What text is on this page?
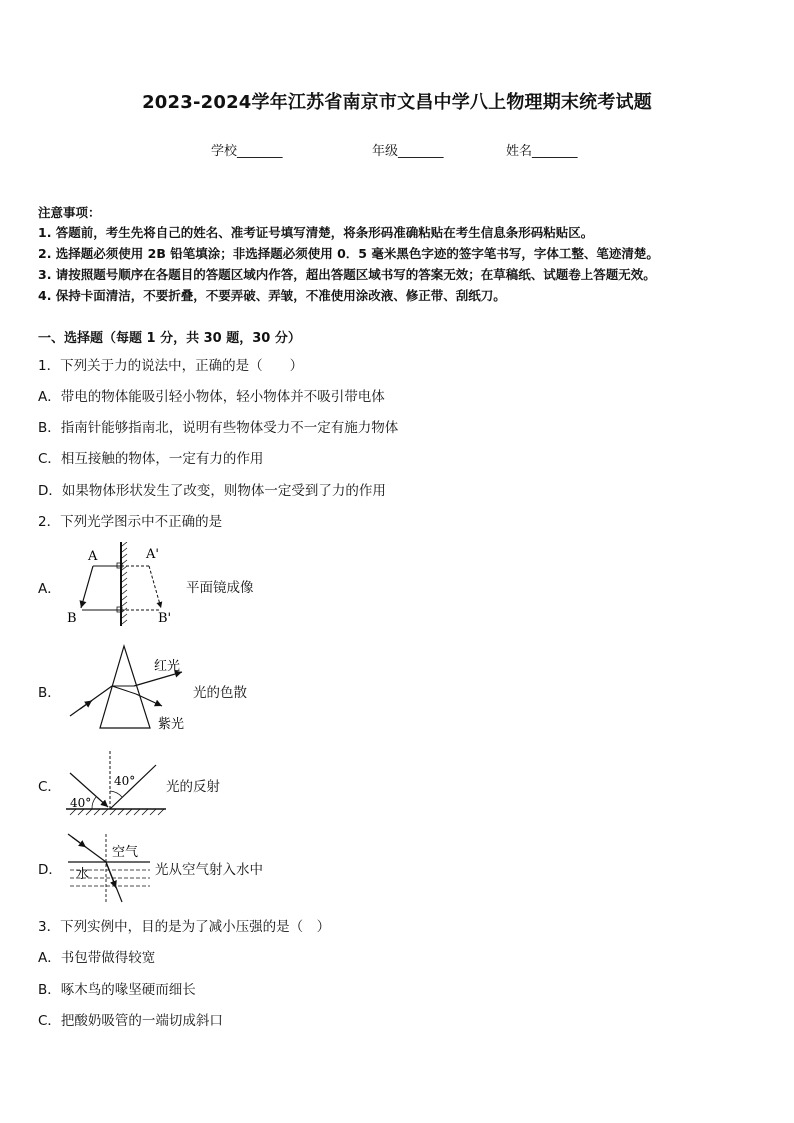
2023-2024学年江苏省南京市文昌中学八上物理期末统考试题
学校_______	年级_______	姓名_______
注意事项：
1. 答题前，考生先将自己的姓名、准考证号填写清楚，将条形码准确粘贴在考生信息条形码粘贴区。
2. 选择题必须使用 2B 铅笔填涂；非选择题必须使用 0．5 毫米黑色字迹的签字笔书写，字体工整、笔迹清楚。
3. 请按照题号顺序在各题目的答题区域内作答，超出答题区域书写的答案无效；在草稿纸、试题卷上答题无效。
4. 保持卡面清洁，不要折叠，不要弄破、弄皱，不准使用涂改液、修正带、刮纸刀。
一、选择题（每题 1 分，共 30 题，30 分）
1．下列关于力的说法中，正确的是（　　）
A．带电的物体能吸引轻小物体，轻小物体并不吸引带电体
B．指南针能够指南北，说明有些物体受力不一定有施力物体
C．相互接触的物体，一定有力的作用
D．如果物体形状发生了改变，则物体一定受到了力的作用
2．下列光学图示中不正确的是
A．
A	A'
B	B'
平面镜成像
B．
红光
紫光
光的色散
C．	40°
40°
光的反射
D．
空气
水	光从空气射入水中
3．下列实例中，目的是为了减小压强的是（　）
A．书包带做得较宽
B．啄木鸟的喙坚硬而细长
C．把酸奶吸管的一端切成斜口
